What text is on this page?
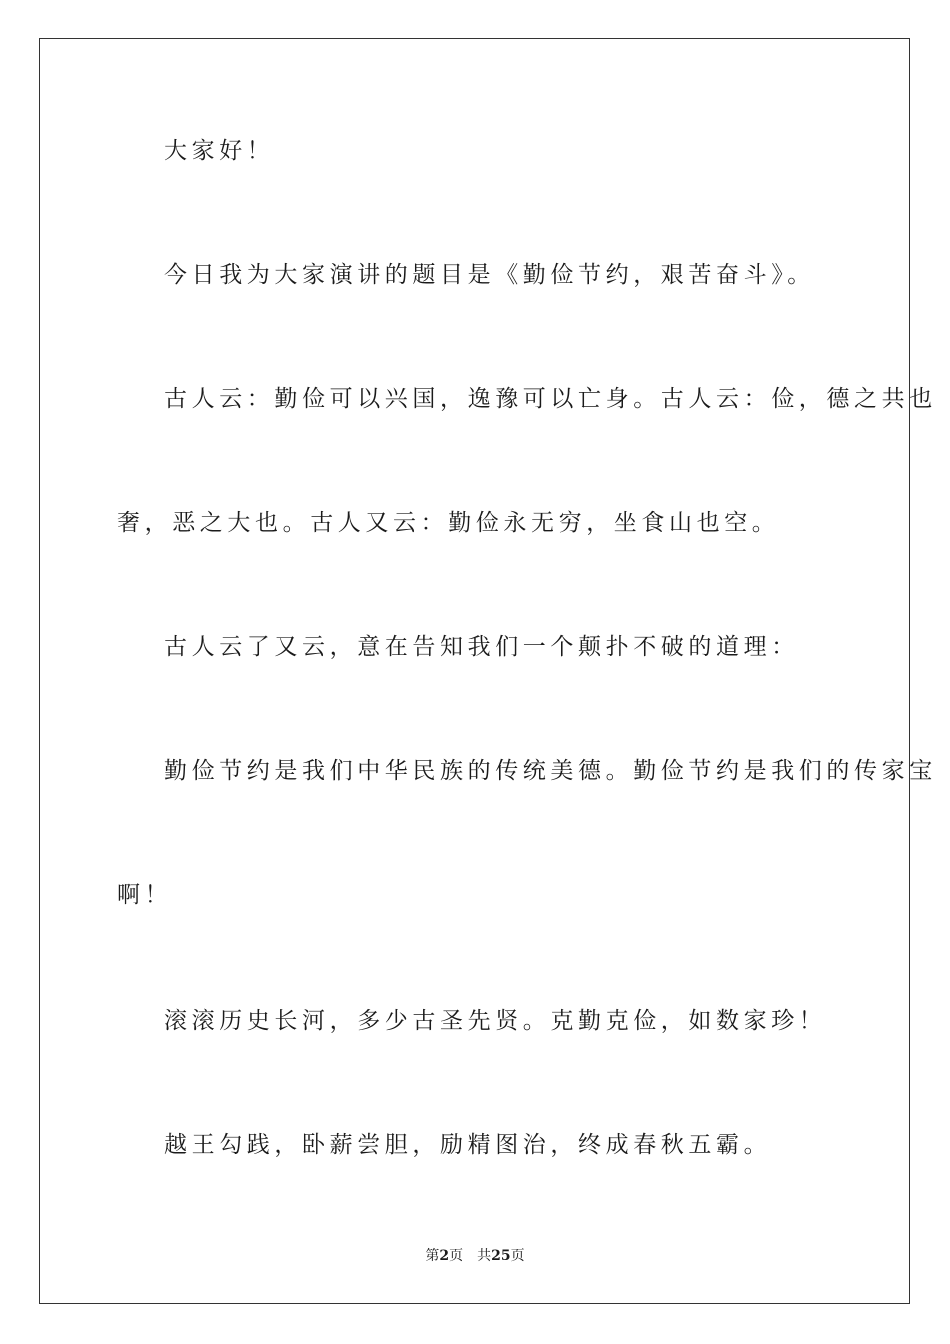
大家好！
今日我为大家演讲的题目是《勤俭节约，艰苦奋斗》。
古人云：勤俭可以兴国，逸豫可以亡身。古人云：俭，德之共也
奢，恶之大也。古人又云：勤俭永无穷，坐食山也空。
古人云了又云，意在告知我们一个颠扑不破的道理：
勤俭节约是我们中华民族的传统美德。勤俭节约是我们的传家宝
啊！
滚滚历史长河，多少古圣先贤。克勤克俭，如数家珍！
越王勾践，卧薪尝胆，励精图治，终成春秋五霸。
第2页 共25页
